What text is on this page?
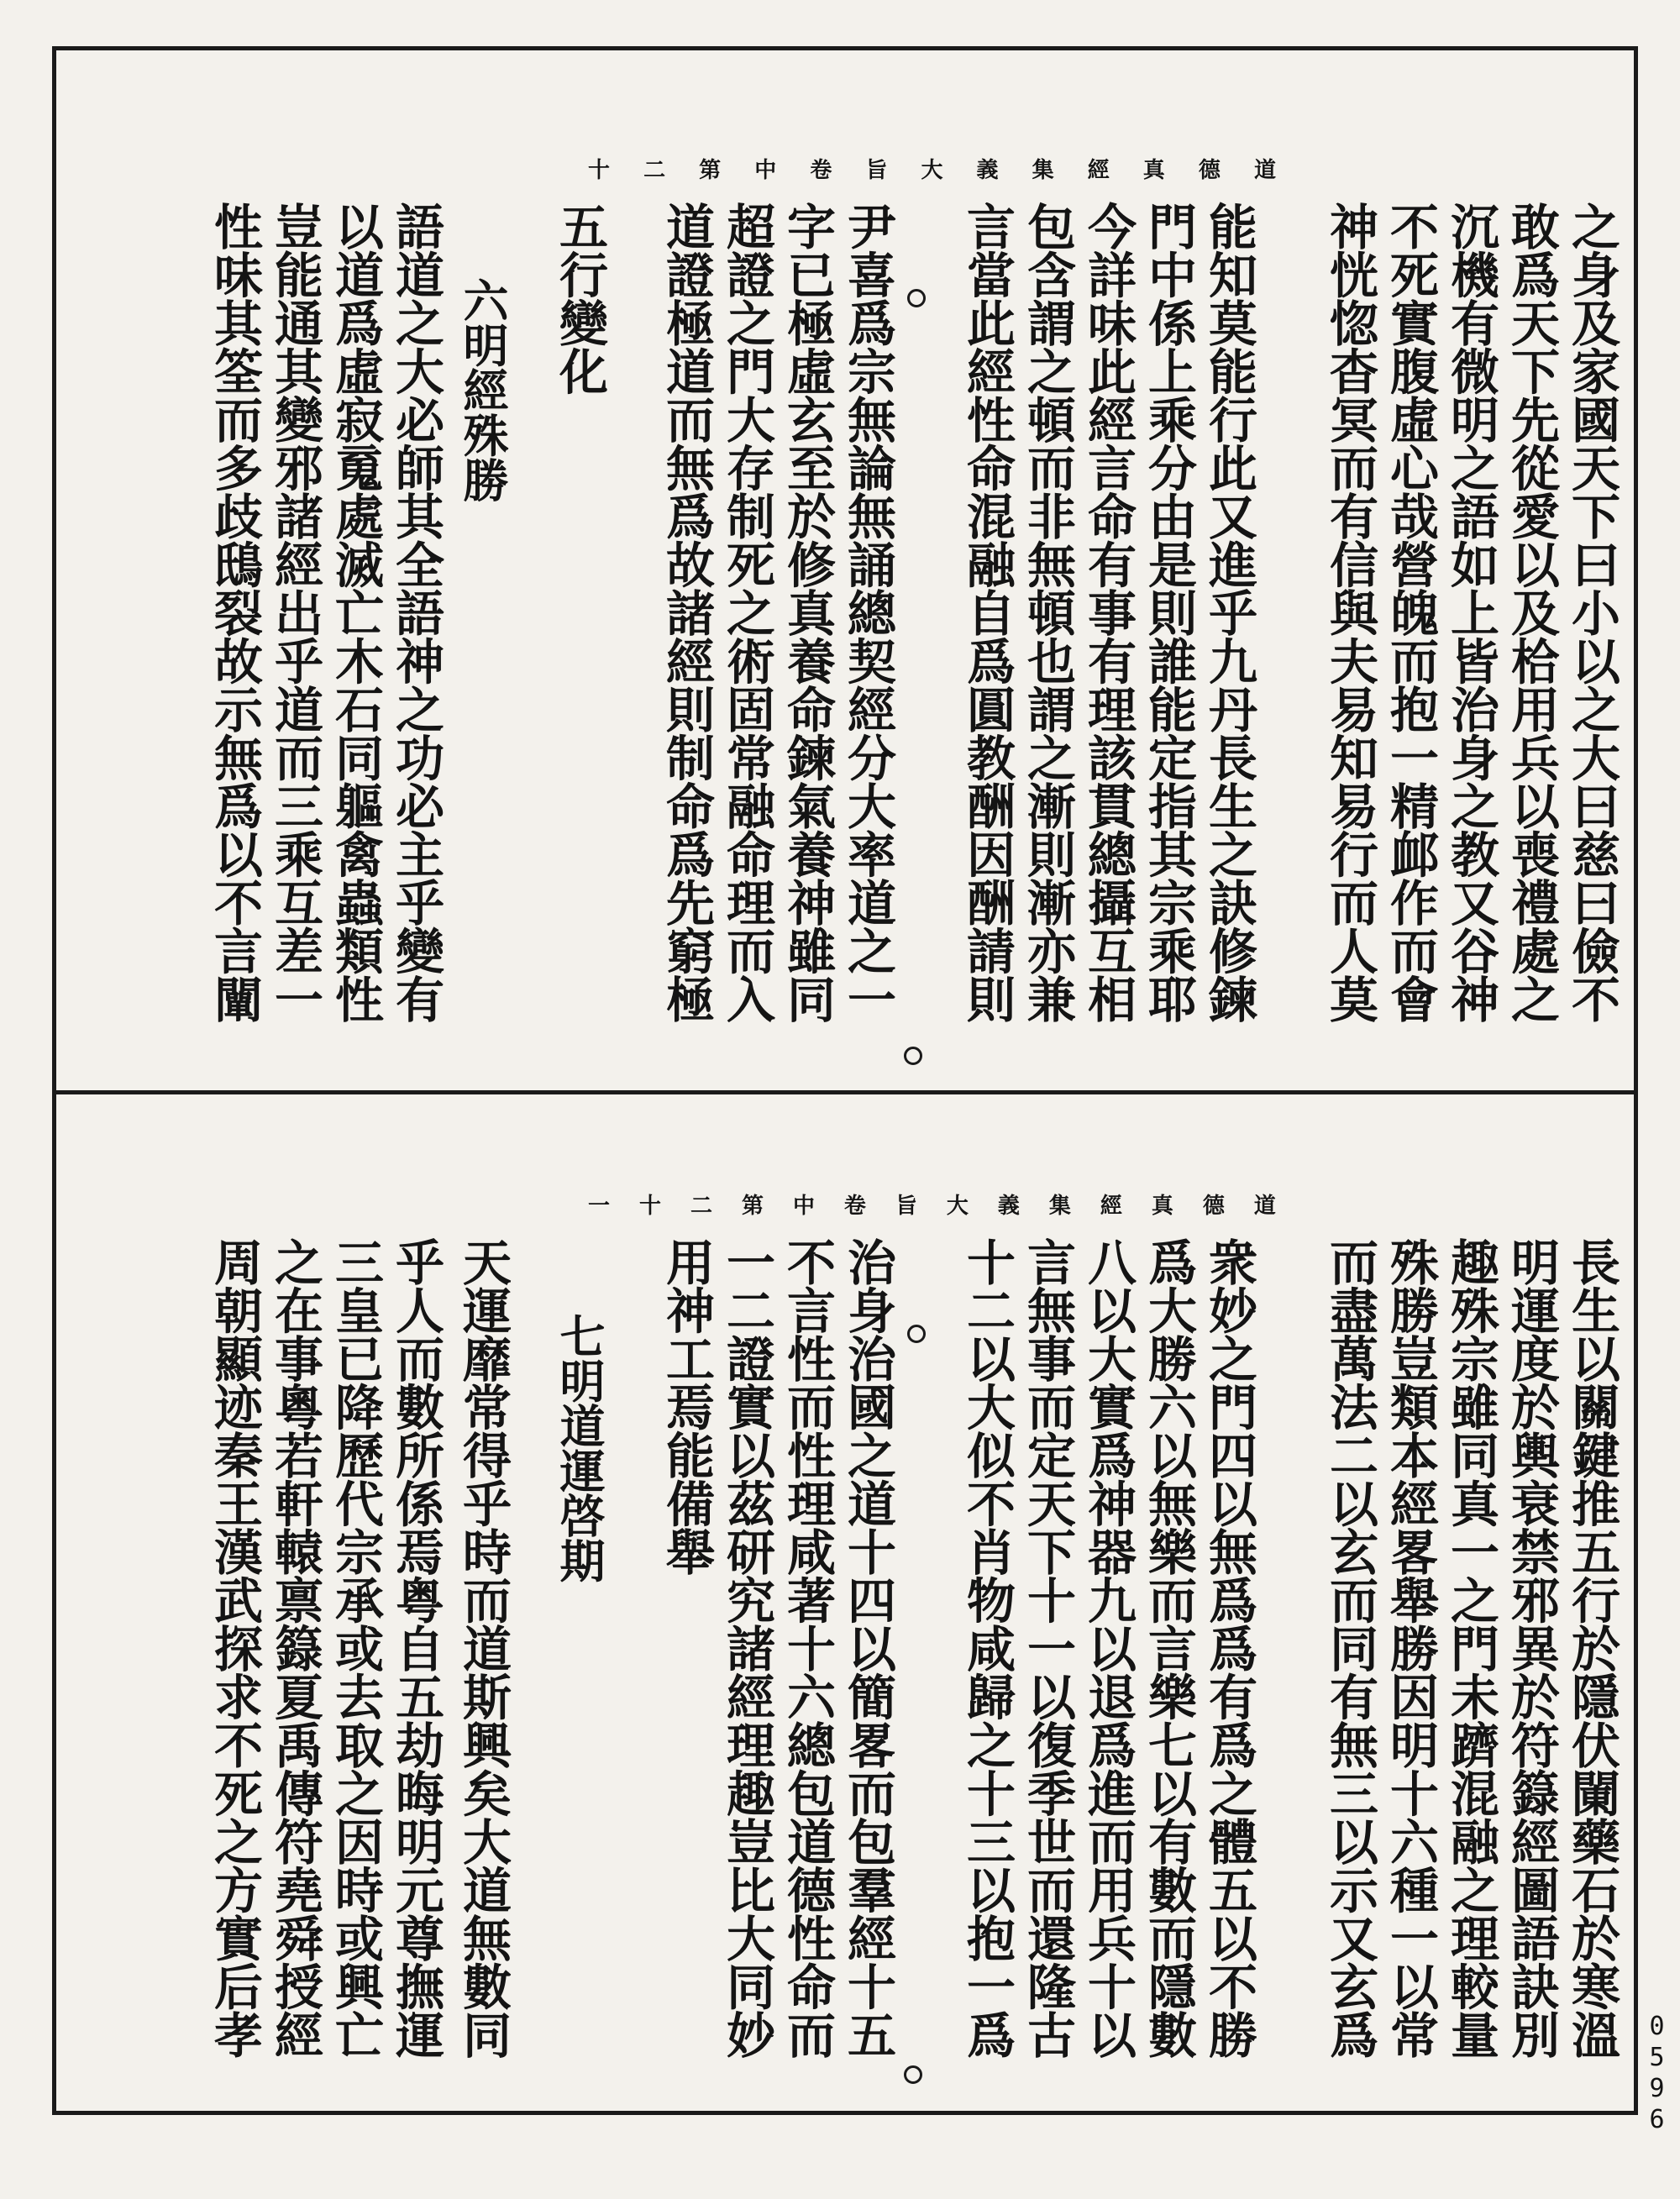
道
德
真
經
集
義
大
旨
卷
中
第
二
十
之身及家國天下曰小以之大曰慈曰儉不
敢爲天下先從愛以及㭘用兵以喪禮處之
沉機有微明之語如上皆治身之教又谷神
不死實腹虛心哉營魄而抱一精䘏作而會
神恍惚杳冥而有信與夫易知易行而人莫
能知莫能行此又進乎九丹長生之訣修鍊
門中係上乘分由是則誰能定指其宗乘耶
今詳味此經言命有事有理該貫總攝互相
包含謂之頓而非無頓也謂之漸則漸亦兼
言當此經性命混融自爲圓教酬因酬請則
尹喜爲宗無論無誦總契經分大率道之一
字已極虛玄至於修真養命鍊氣養神雖同
超證之門大存制死之術固常融命理而入
道證極道而無爲故諸經則制命爲先窮極
五行變化
六明經殊勝
語道之大必師其全語神之功必主乎變有
以道爲虛寂䰟處滅亡木石同軀禽蟲類性
豈能通其變邪諸經出乎道而三乘互差一
性味其筌而多歧䲭裂故示無爲以不言闡
道
德
真
經
集
義
大
旨
卷
中
第
二
十
一
長生以關鍵推五行於隱伏䦨藥石於寒溫
明運度於輿衰禁邪異於符籙經圖語訣別
趣殊宗雖同真一之門未躋混融之理較量
殊勝豈類本經畧舉勝因明十六種一以常
而盡萬法二以玄而同有無三以示又玄爲
衆妙之門四以無爲爲有爲之體五以不勝
爲大勝六以無樂而言樂七以有數而隱數
八以大實爲神器九以退爲進而用兵十以
言無事而定天下十一以復季世而還隆古
十二以大似不肖物咸歸之十三以抱一爲
治身治國之道十四以簡畧而包羣經十五
不言性而性理咸著十六總包道德性命而
一二證實以茲研究諸經理趣豈比大同妙
用神工焉能備舉
七明道運啓期
天運靡常得乎時而道斯興矣大道無數同
乎人而數所係焉粤自五劫晦明元尊撫運
三皇已降歷代宗承或去取之因時或興亡
之在事粵若軒轅禀籙夏禹傳符堯舜授經
周朝顯迹秦王漢武探求不死之方實后孝
0596
